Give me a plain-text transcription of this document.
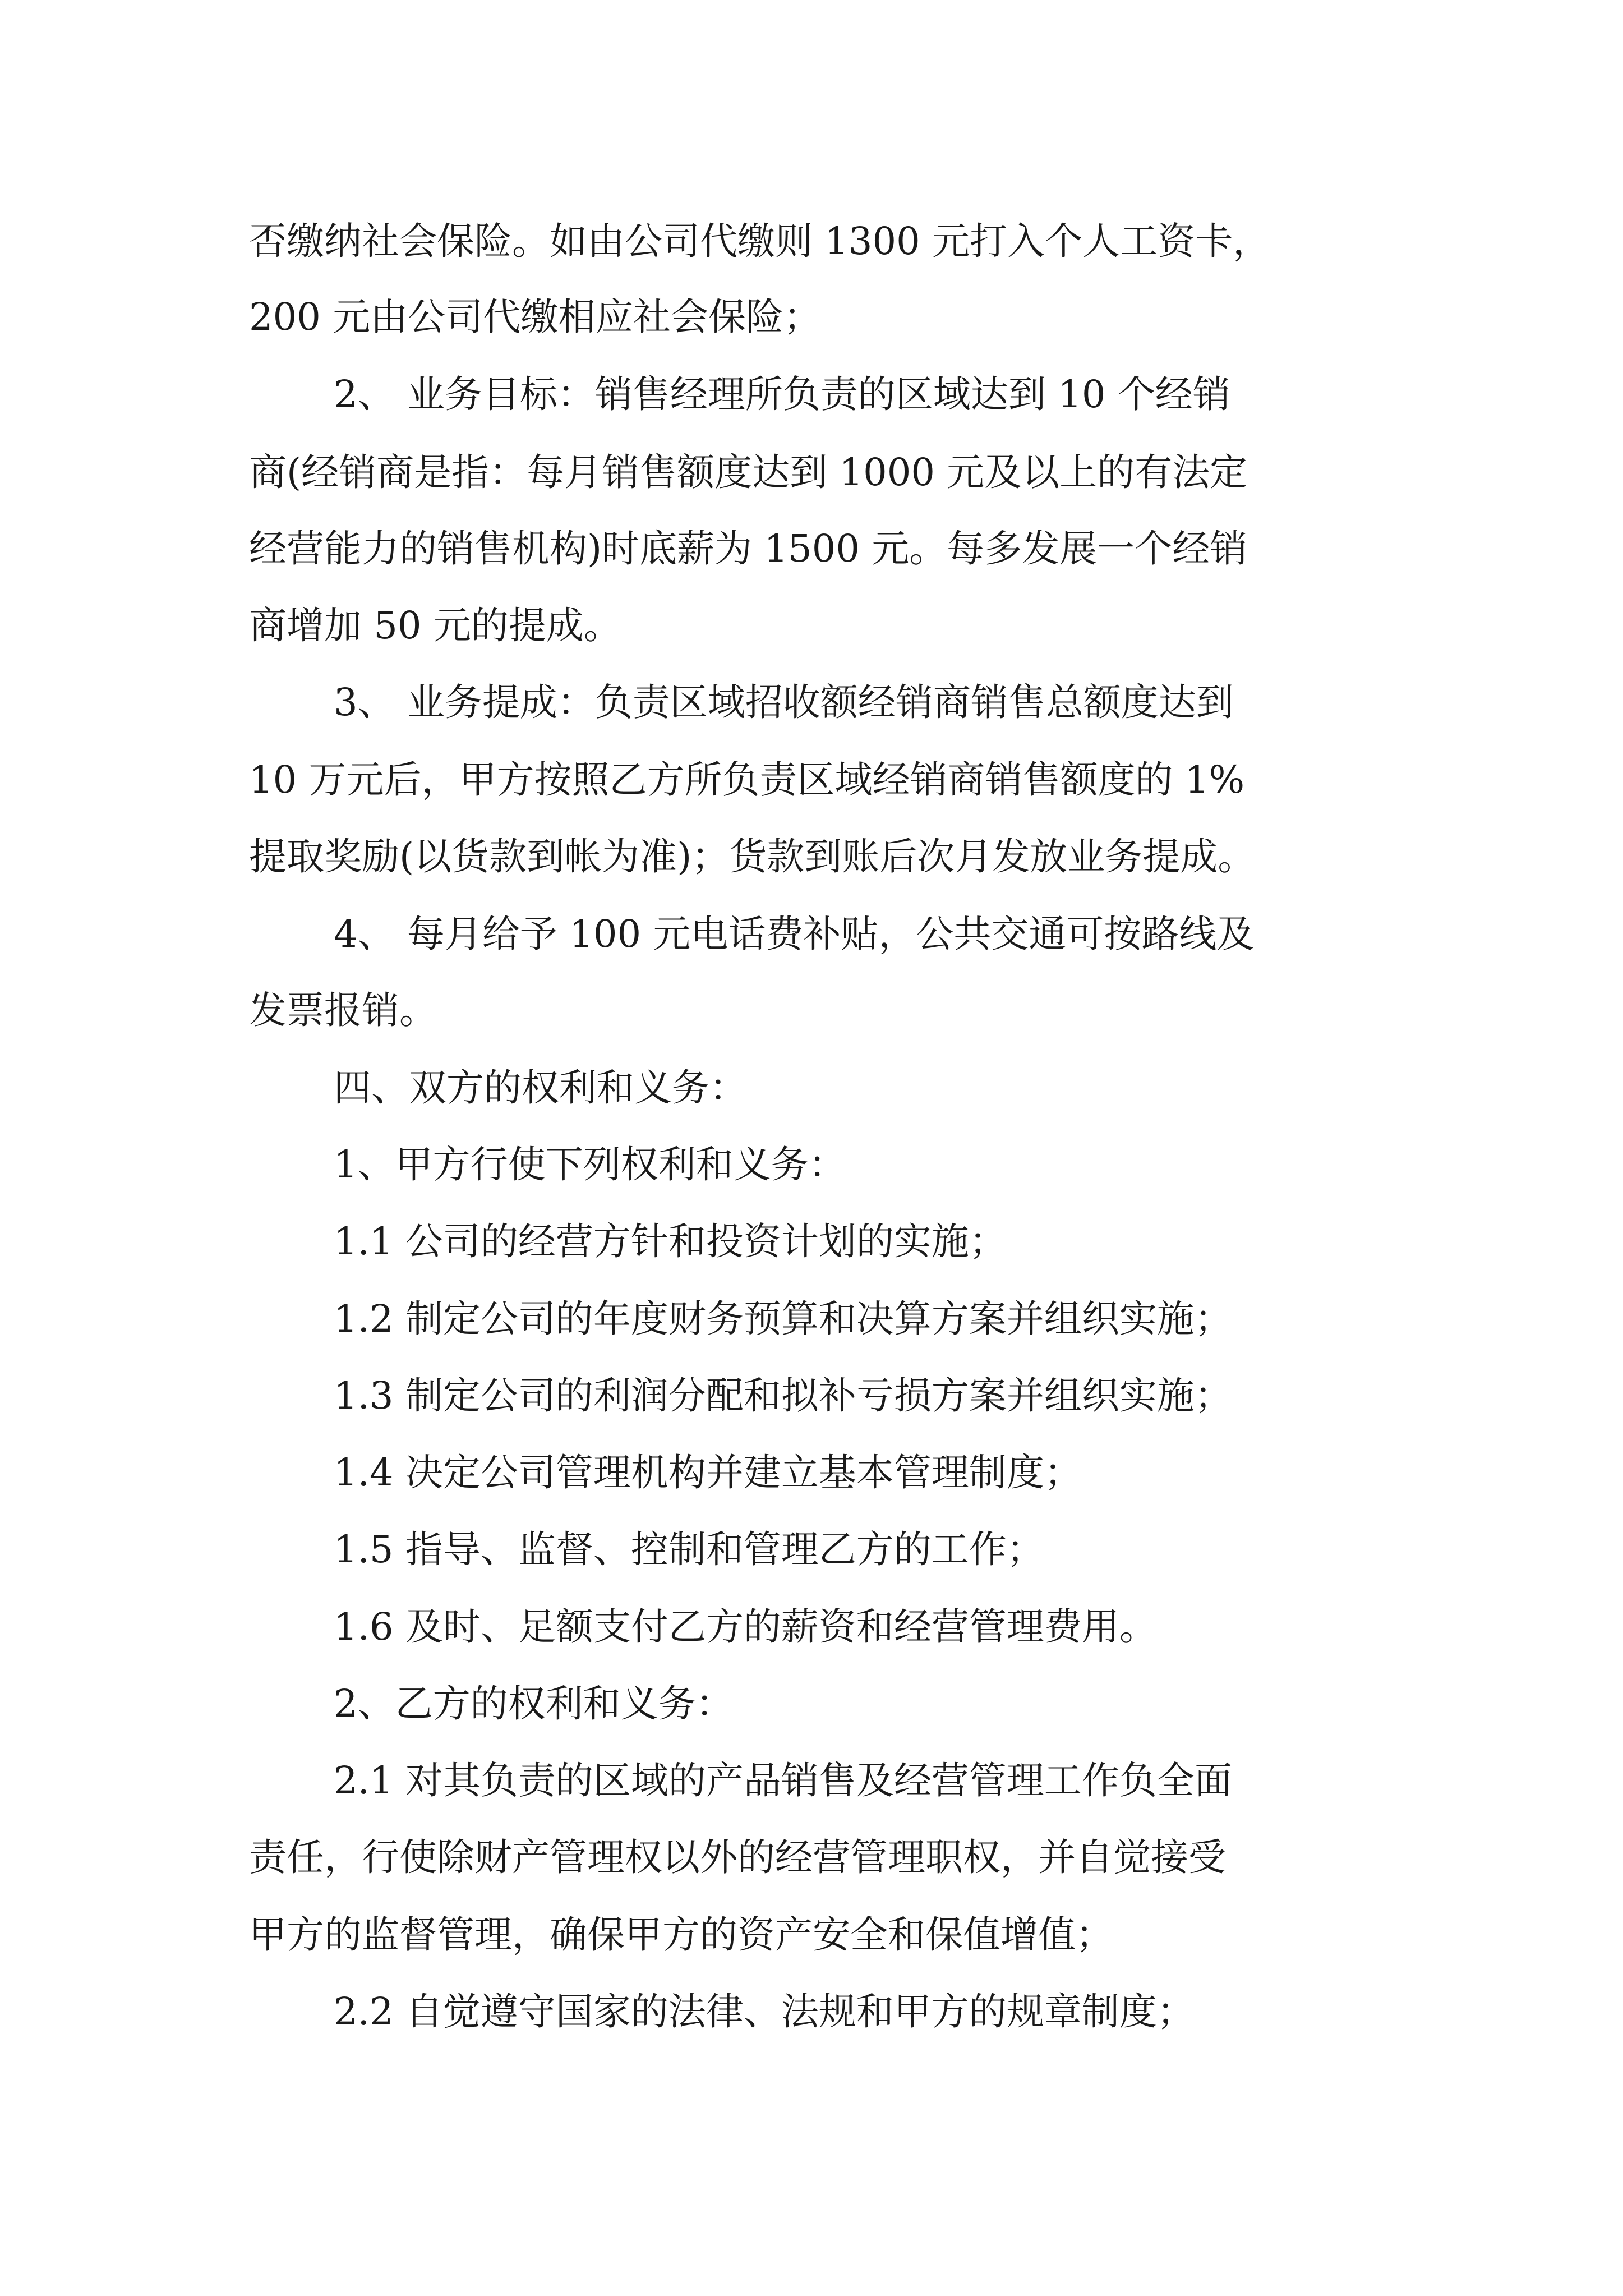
否缴纳社会保险。如由公司代缴则 1300 元打入个人工资卡，

200 元由公司代缴相应社会保险；

2、 业务目标：销售经理所负责的区域达到 10 个经销

商(经销商是指：每月销售额度达到 1000 元及以上的有法定

经营能力的销售机构)时底薪为 1500 元。每多发展一个经销

商增加 50 元的提成。

3、 业务提成：负责区域招收额经销商销售总额度达到

10 万元后，甲方按照乙方所负责区域经销商销售额度的 1%

提取奖励(以货款到帐为准)；货款到账后次月发放业务提成。

4、 每月给予 100 元电话费补贴，公共交通可按路线及

发票报销。

四、双方的权利和义务：

1、甲方行使下列权利和义务：

1.1 公司的经营方针和投资计划的实施；

1.2 制定公司的年度财务预算和决算方案并组织实施；

1.3 制定公司的利润分配和拟补亏损方案并组织实施；

1.4 决定公司管理机构并建立基本管理制度；

1.5 指导、监督、控制和管理乙方的工作；

1.6 及时、足额支付乙方的薪资和经营管理费用。

2、乙方的权利和义务：

2.1 对其负责的区域的产品销售及经营管理工作负全面

责任，行使除财产管理权以外的经营管理职权，并自觉接受

甲方的监督管理，确保甲方的资产安全和保值增值；

2.2 自觉遵守国家的法律、法规和甲方的规章制度；
